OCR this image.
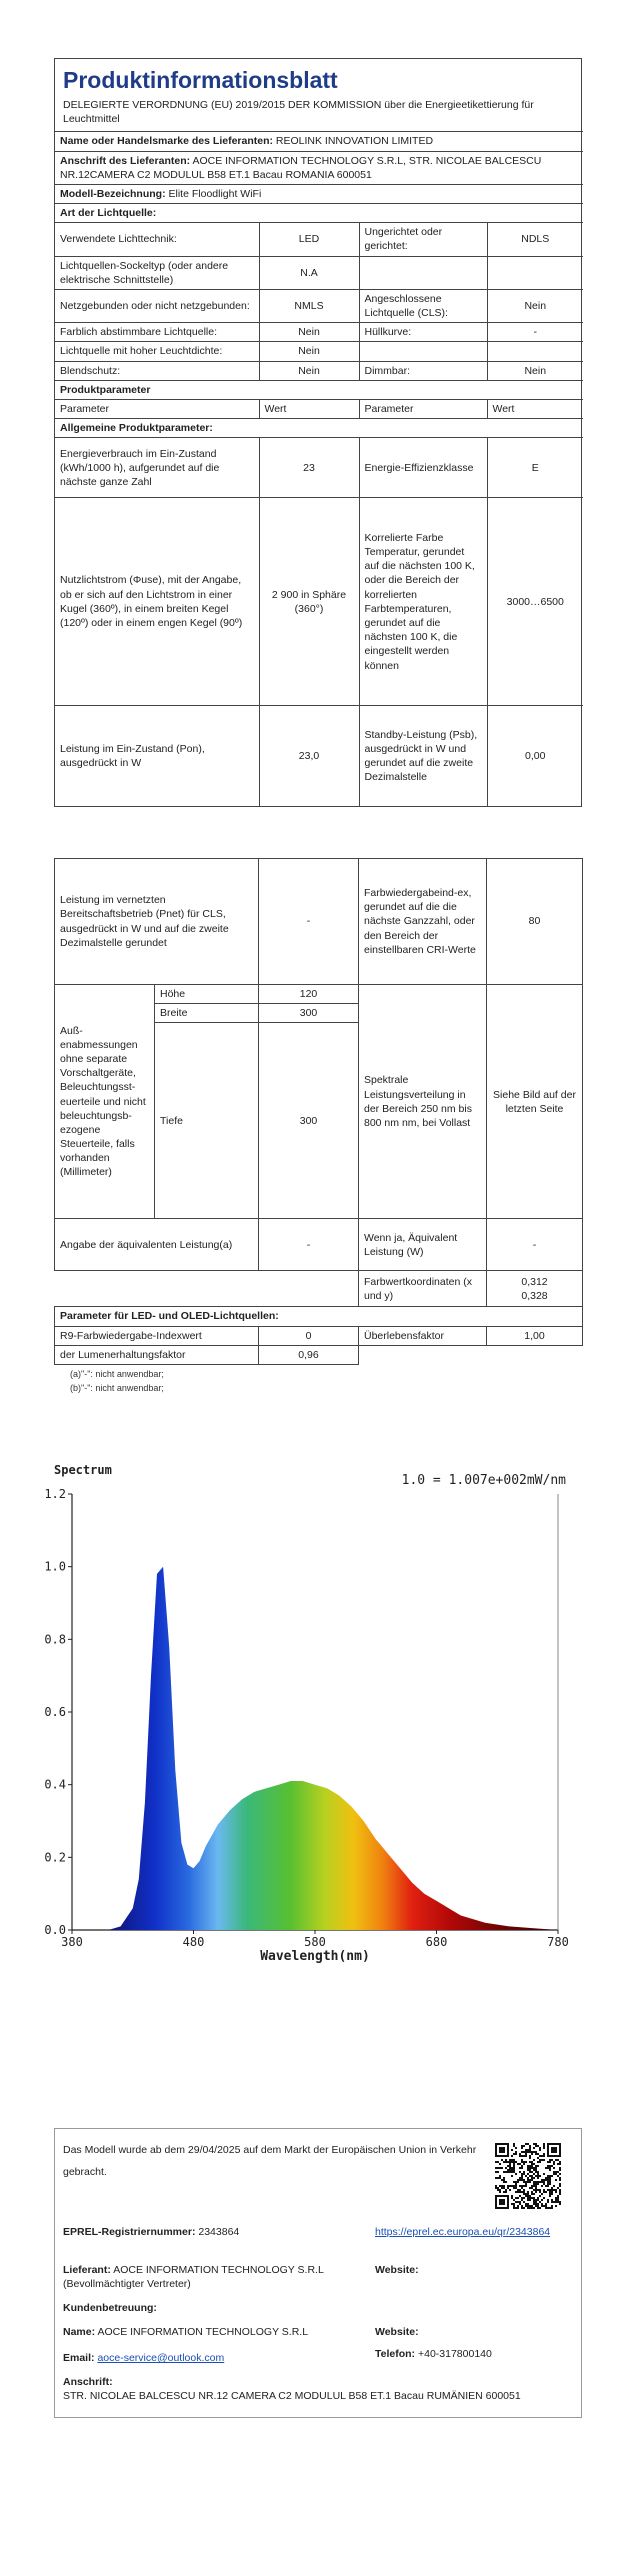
Produktinformationsblatt
DELEGIERTE VERORDNUNG (EU) 2019/2015 DER KOMMISSION über die Energieetikettierung für Leuchtmittel
Name oder Handelsmarke des Lieferanten: REOLINK INNOVATION LIMITED			
Anschrift des Lieferanten: AOCE INFORMATION TECHNOLOGY S.R.L, STR. NICOLAE BALCESCU NR.12CAMERA C2 MODULUL B58 ET.1 Bacau ROMANIA 600051			
Modell-Bezeichnung: Elite Floodlight WiFi			
Art der Lichtquelle:			
Verwendete Lichttechnik:	LED	Ungerichtet oder gerichtet:	NDLS
Lichtquellen-Sockeltyp (oder andere elektrische Schnittstelle)	N.A		
Netzgebunden oder nicht netzgebunden:	NMLS	Angeschlossene Lichtquelle (CLS):	Nein
Farblich abstimmbare Lichtquelle:	Nein	Hüllkurve:	-
Lichtquelle mit hoher Leuchtdichte:	Nein		
Blendschutz:	Nein	Dimmbar:	Nein
Produktparameter			
Parameter	Wert	Parameter	Wert
Allgemeine Produktparameter:			
Energieverbrauch im Ein-Zustand (kWh/1000 h), aufgerundet auf die nächste ganze Zahl	23	Energie-Effizienzklasse	E
Nutzlichtstrom (Φuse), mit der Angabe, ob er sich auf den Lichtstrom in einer Kugel (360º), in einem breiten Kegel (120º) oder in einem engen Kegel (90º)	2 900 in Sphäre (360°)	Korrelierte Farbe Temperatur, gerundet auf die nächsten 100 K, oder die Bereich der korrelierten Farbtemperaturen, gerundet auf die nächsten 100 K, die eingestellt werden können	3000…6500
Leistung im Ein-Zustand (Pon), ausgedrückt in W	23,0	Standby-Leistung (Psb), ausgedrückt in W und gerundet auf die zweite Dezimalstelle	0,00
Leistung im vernetzten Bereitschaftsbetrieb (Pnet) für CLS, ausgedrückt in W und auf die zweite Dezimalstelle gerundet		-	Farbwiedergabeind-ex, gerundet auf die die nächste Ganzzahl, oder den Bereich der einstellbaren CRI-Werte	80
Auß-enabmessungen ohne separate Vorschaltgeräte, Beleuchtungsst-euerteile und nicht beleuchtungsb-ezogene Steuerteile, falls vorhanden (Millimeter)	Höhe	120	Spektrale Leistungsverteilung in der Bereich 250 nm bis 800 nm nm, bei Vollast	Siehe Bild auf der letzten Seite
	Breite	300		
	Tiefe	300		
Angabe der äquivalenten Leistung(a)		-	Wenn ja, Äquivalent Leistung (W)	-
			Farbwertkoordinaten (x und y)	0,312
0,328

Parameter für LED- und OLED-Lichtquellen:				
R9-Farbwiedergabe-Indexwert		0	Überlebensfaktor	1,00
der Lumenerhaltungsfaktor		0,96		
(a)"-": nicht anwendbar;
(b)"-": nicht anwendbar;
0.0
0.2
0.4
0.6
0.8
1.0
1.2
380	480	580	680	780
Spectrum
1.0 = 1.007e+002mW/nm
Wavelength(nm)
Das Modell wurde ab dem 29/04/2025 auf dem Markt der Europäischen Union in Verkehr gebracht.
EPREL-Registriernummer: 2343864	https://eprel.ec.europa.eu/qr/2343864
Lieferant: AOCE INFORMATION TECHNOLOGY S.R.L
(Bevollmächtigter Vertreter)
Website:
Kundenbetreuung:
Name: AOCE INFORMATION TECHNOLOGY S.R.L	Website:
Email: aoce-service@outlook.com	Telefon: +40-317800140
Anschrift:
STR. NICOLAE BALCESCU NR.12 CAMERA C2 MODULUL B58 ET.1 Bacau RUMÄNIEN 600051
